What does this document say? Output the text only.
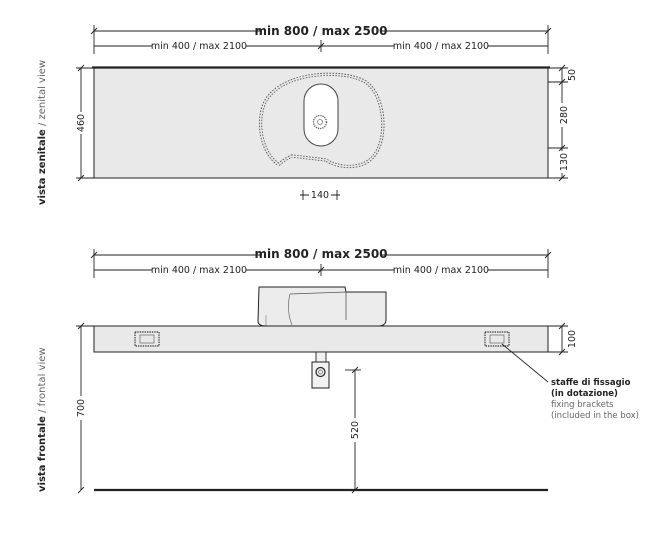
min 800 / max 2500
min 400 / max 2100	min 400 / max 2100
460
50
280
130
140
vista zenitale / zenital view
min 800 / max 2500
min 400 / max 2100	min 400 / max 2100
staffe di fissagio
(in dotazione)
fixing brackets
(included in the box)
100
700
520
vista frontale / frontal view
